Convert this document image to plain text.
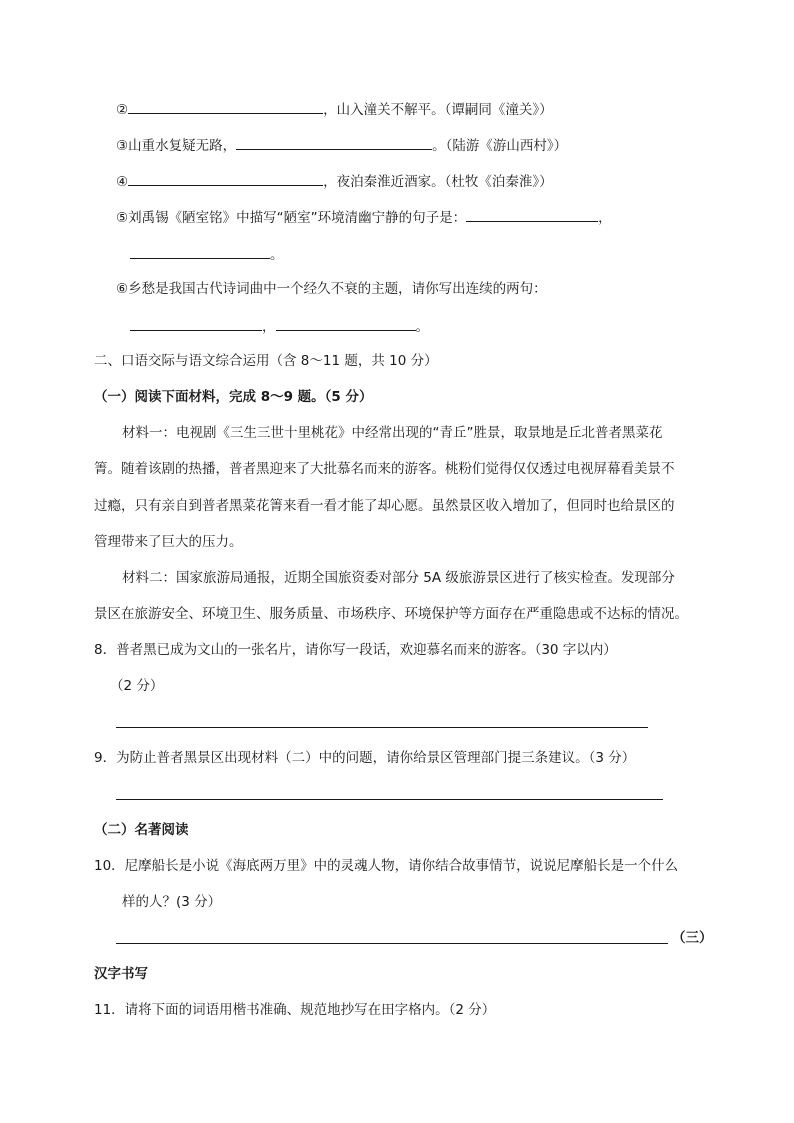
②	，山入潼关不解平。（谭嗣同《潼关》）
③山重水复疑无路，	。（陆游《游山西村》）
④	，夜泊秦淮近酒家。（杜牧《泊秦淮》）
⑤刘禹锡《陋室铭》中描写“陋室”环境清幽宁静的句子是：	，
。
⑥乡愁是我国古代诗词曲中一个经久不衰的主题，请你写出连续的两句：
，	。
二、口语交际与语文综合运用（含 8～11 题，共 10 分）
（一）阅读下面材料，完成 8～9 题。（5 分）
材料一：电视剧《三生三世十里桃花》中经常出现的“青丘”胜景，取景地是丘北普者黑菜花
箐。随着该剧的热播，普者黑迎来了大批慕名而来的游客。桃粉们觉得仅仅透过电视屏幕看美景不
过瘾，只有亲自到普者黑菜花箐来看一看才能了却心愿。虽然景区收入增加了，但同时也给景区的
管理带来了巨大的压力。
材料二：国家旅游局通报，近期全国旅资委对部分 5A 级旅游景区进行了核实检查。发现部分
景区在旅游安全、环境卫生、服务质量、市场秩序、环境保护等方面存在严重隐患或不达标的情况。
8．普者黑已成为文山的一张名片，请你写一段话，欢迎慕名而来的游客。（30 字以内）
（2 分）
9．为防止普者黑景区出现材料（二）中的问题，请你给景区管理部门提三条建议。（3 分）
（二）名著阅读
10．尼摩船长是小说《海底两万里》中的灵魂人物，请你结合故事情节，说说尼摩船长是一个什么
样的人？(3 分）
（三）
汉字书写
11．请将下面的词语用楷书准确、规范地抄写在田字格内。（2 分）
